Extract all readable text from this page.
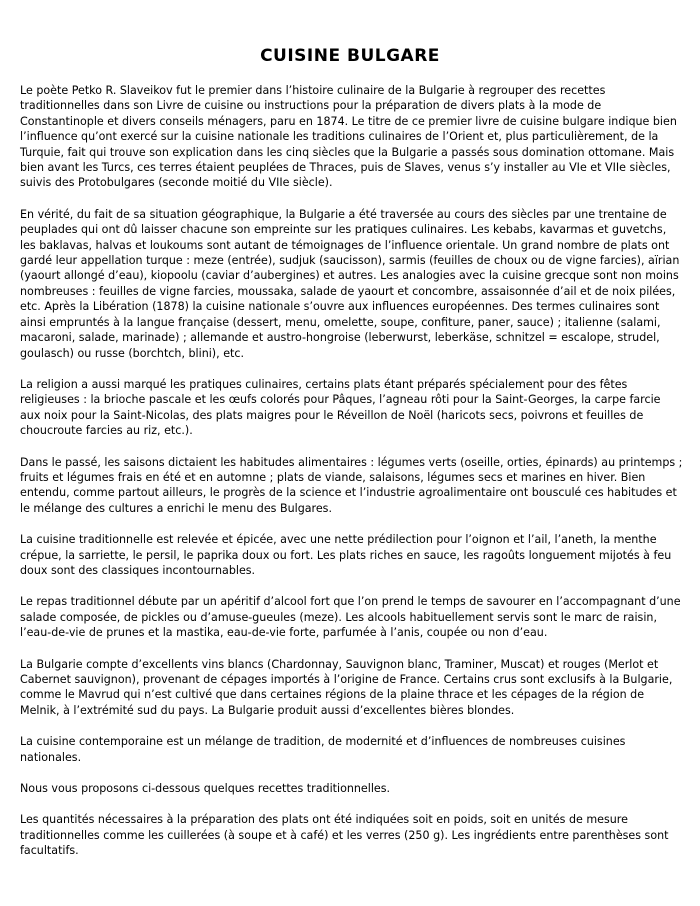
CUISINE BULGARE

Le poète Petko R. Slaveikov fut le premier dans l’histoire culinaire de la Bulgarie à regrouper des recettes traditionnelles dans son Livre de cuisine ou instructions pour la préparation de divers plats à la mode de Constantinople et divers conseils ménagers, paru en 1874. Le titre de ce premier livre de cuisine bulgare indique bien l’influence qu’ont exercé sur la cuisine nationale les traditions culinaires de l’Orient et, plus particulièrement, de la Turquie, fait qui trouve son explication dans les cinq siècles que la Bulgarie a passés sous domination ottomane. Mais bien avant les Turcs, ces terres étaient peuplées de Thraces, puis de Slaves, venus s’y installer au VIe et VIIe siècles, suivis des Protobulgares (seconde moitié du VIIe siècle).

En vérité, du fait de sa situation géographique, la Bulgarie a été traversée au cours des siècles par une trentaine de peuplades qui ont dû laisser chacune son empreinte sur les pratiques culinaires. Les kebabs, kavarmas et guvetchs, les baklavas, halvas et loukoums sont autant de témoignages de l’influence orientale. Un grand nombre de plats ont gardé leur appellation turque : meze (entrée), sudjuk (saucisson), sarmis (feuilles de choux ou de vigne farcies), aïrian (yaourt allongé d’eau), kiopoolu (caviar d’aubergines) et autres. Les analogies avec la cuisine grecque sont non moins nombreuses : feuilles de vigne farcies, moussaka, salade de yaourt et concombre, assaisonnée d’ail et de noix pilées, etc. Après la Libération (1878) la cuisine nationale s’ouvre aux influences européennes. Des termes culinaires sont ainsi empruntés à la langue française (dessert, menu, omelette, soupe, confiture, paner, sauce) ; italienne (salami, macaroni, salade, marinade) ; allemande et austro-hongroise (leberwurst, leberkäse, schnitzel = escalope, strudel, goulasch) ou russe (borchtch, blini), etc.

La religion a aussi marqué les pratiques culinaires, certains plats étant préparés spécialement pour des fêtes religieuses : la brioche pascale et les œufs colorés pour Pâques, l’agneau rôti pour la Saint-Georges, la carpe farcie aux noix pour la Saint-Nicolas, des plats maigres pour le Réveillon de Noël (haricots secs, poivrons et feuilles de choucroute farcies au riz, etc.).

Dans le passé, les saisons dictaient les habitudes alimentaires : légumes verts (oseille, orties, épinards) au printemps ; fruits et légumes frais en été et en automne ; plats de viande, salaisons, légumes secs et marines en hiver. Bien entendu, comme partout ailleurs, le progrès de la science et l’industrie agroalimentaire ont bousculé ces habitudes et le mélange des cultures a enrichi le menu des Bulgares.

La cuisine traditionnelle est relevée et épicée, avec une nette prédilection pour l’oignon et l’ail, l’aneth, la menthe crépue, la sarriette, le persil, le paprika doux ou fort. Les plats riches en sauce, les ragoûts longuement mijotés à feu doux sont des classiques incontournables.

Le repas traditionnel débute par un apéritif d’alcool fort que l’on prend le temps de savourer en l’accompagnant d’une salade composée, de pickles ou d’amuse-gueules (meze). Les alcools habituellement servis sont le marc de raisin, l’eau-de-vie de prunes et la mastika, eau-de-vie forte, parfumée à l’anis, coupée ou non d’eau.

La Bulgarie compte d’excellents vins blancs (Chardonnay, Sauvignon blanc, Traminer, Muscat) et rouges (Merlot et Cabernet sauvignon), provenant de cépages importés à l’origine de France. Certains crus sont exclusifs à la Bulgarie, comme le Mavrud qui n’est cultivé que dans certaines régions de la plaine thrace et les cépages de la région de Melnik, à l’extrémité sud du pays. La Bulgarie produit aussi d’excellentes bières blondes.

La cuisine contemporaine est un mélange de tradition, de modernité et d’influences de nombreuses cuisines nationales.

Nous vous proposons ci-dessous quelques recettes traditionnelles.

Les quantités nécessaires à la préparation des plats ont été indiquées soit en poids, soit en unités de mesure traditionnelles comme les cuillerées (à soupe et à café) et les verres (250 g). Les ingrédients entre parenthèses sont facultatifs.
